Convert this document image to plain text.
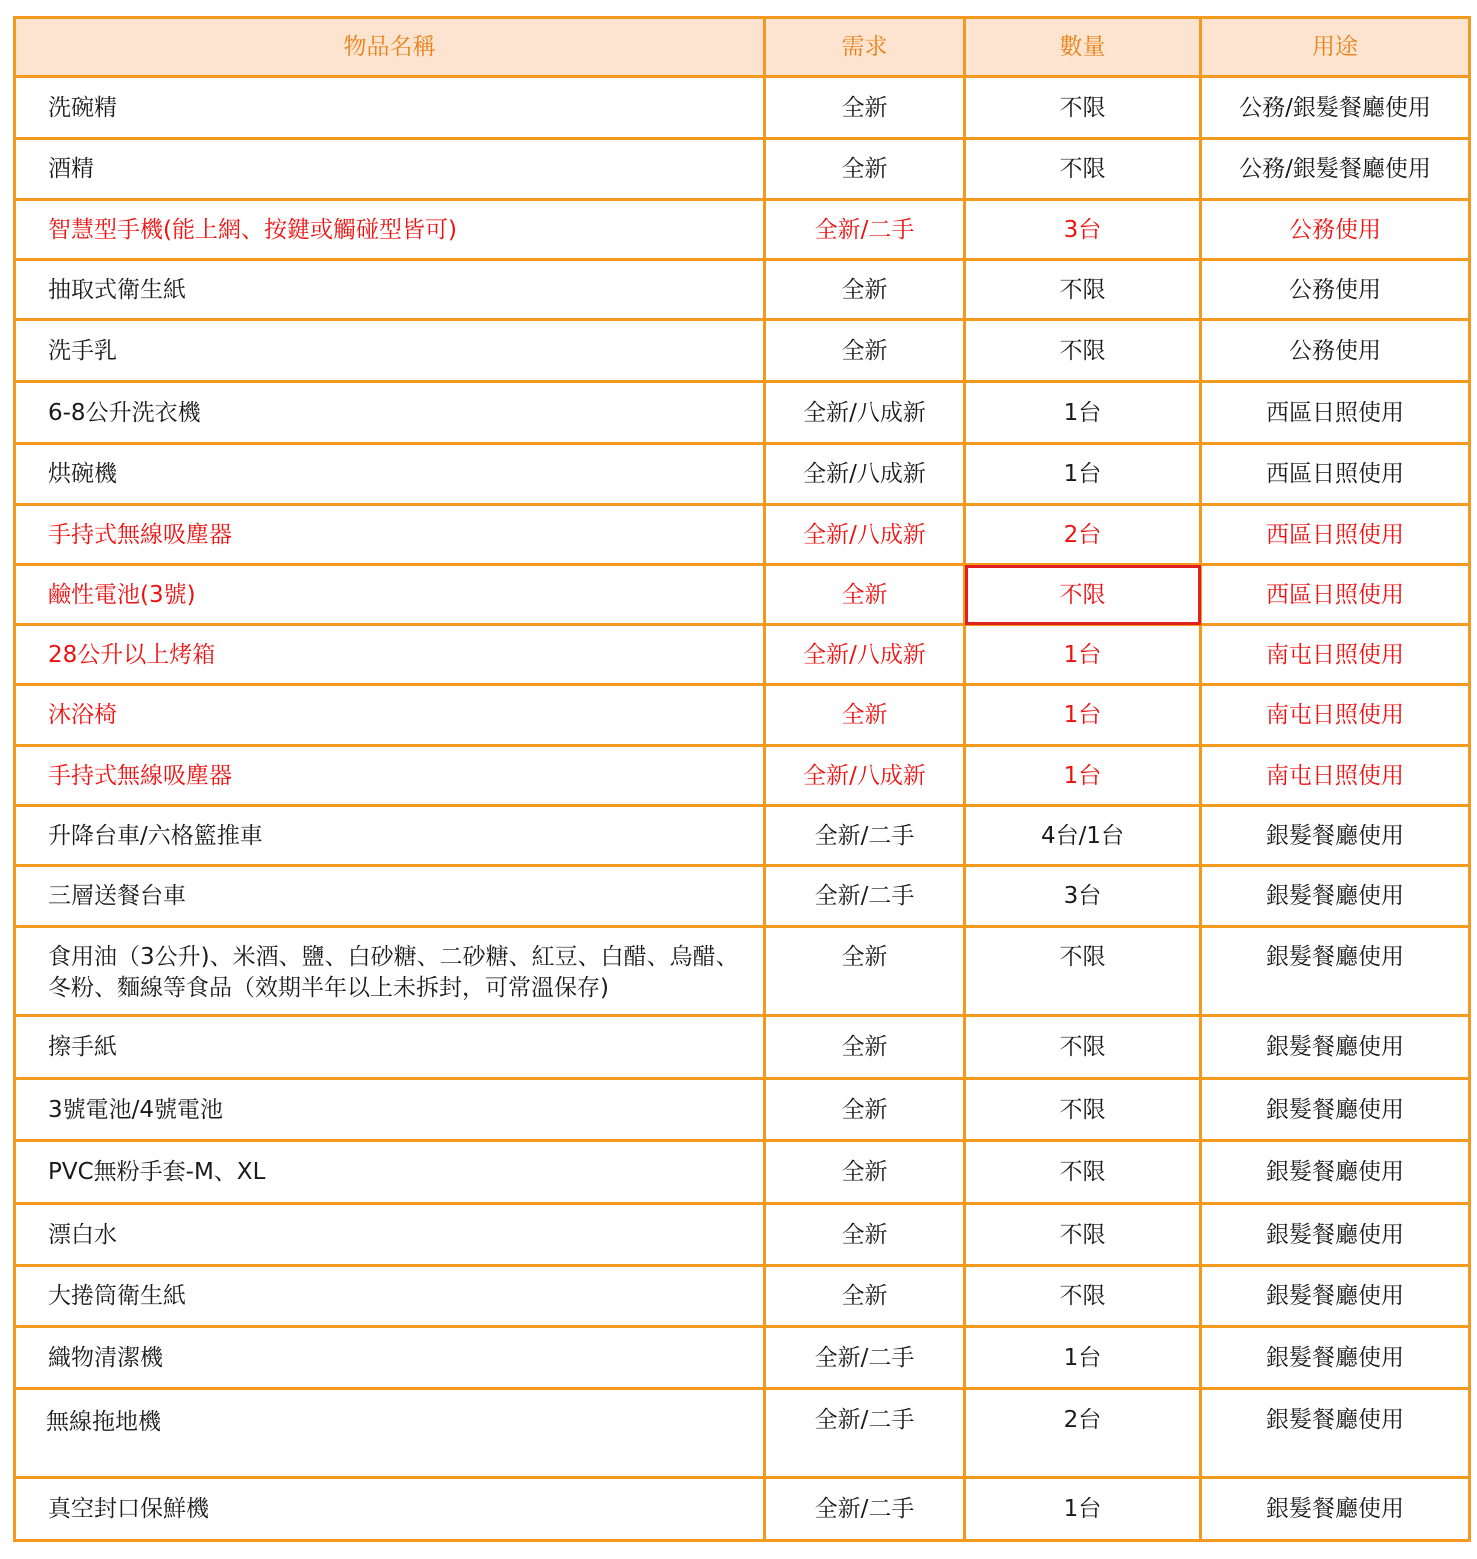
物品名稱	需求	數量	用途
洗碗精	全新	不限	公務/銀髮餐廳使用
酒精	全新	不限	公務/銀髮餐廳使用
智慧型手機(能上網、按鍵或觸碰型皆可)	全新/二手	3台	公務使用
抽取式衛生紙	全新	不限	公務使用
洗手乳	全新	不限	公務使用
6-8公升洗衣機	全新/八成新	1台	西區日照使用
烘碗機	全新/八成新	1台	西區日照使用
手持式無線吸塵器	全新/八成新	2台	西區日照使用
鹼性電池(3號)	全新	不限	西區日照使用
28公升以上烤箱	全新/八成新	1台	南屯日照使用
沐浴椅	全新	1台	南屯日照使用
手持式無線吸塵器	全新/八成新	1台	南屯日照使用
升降台車/六格籃推車	全新/二手	4台/1台	銀髮餐廳使用
三層送餐台車	全新/二手	3台	銀髮餐廳使用
食用油（3公升)、米酒、鹽、白砂糖、二砂糖、紅豆、白醋、烏醋、冬粉、麵線等食品（效期半年以上未拆封，可常溫保存)	全新	不限	銀髮餐廳使用
擦手紙	全新	不限	銀髮餐廳使用
3號電池/4號電池	全新	不限	銀髮餐廳使用
PVC無粉手套-M、XL	全新	不限	銀髮餐廳使用
漂白水	全新	不限	銀髮餐廳使用
大捲筒衛生紙	全新	不限	銀髮餐廳使用
織物清潔機	全新/二手	1台	銀髮餐廳使用
無線拖地機	全新/二手	2台	銀髮餐廳使用
真空封口保鮮機	全新/二手	1台	銀髮餐廳使用
